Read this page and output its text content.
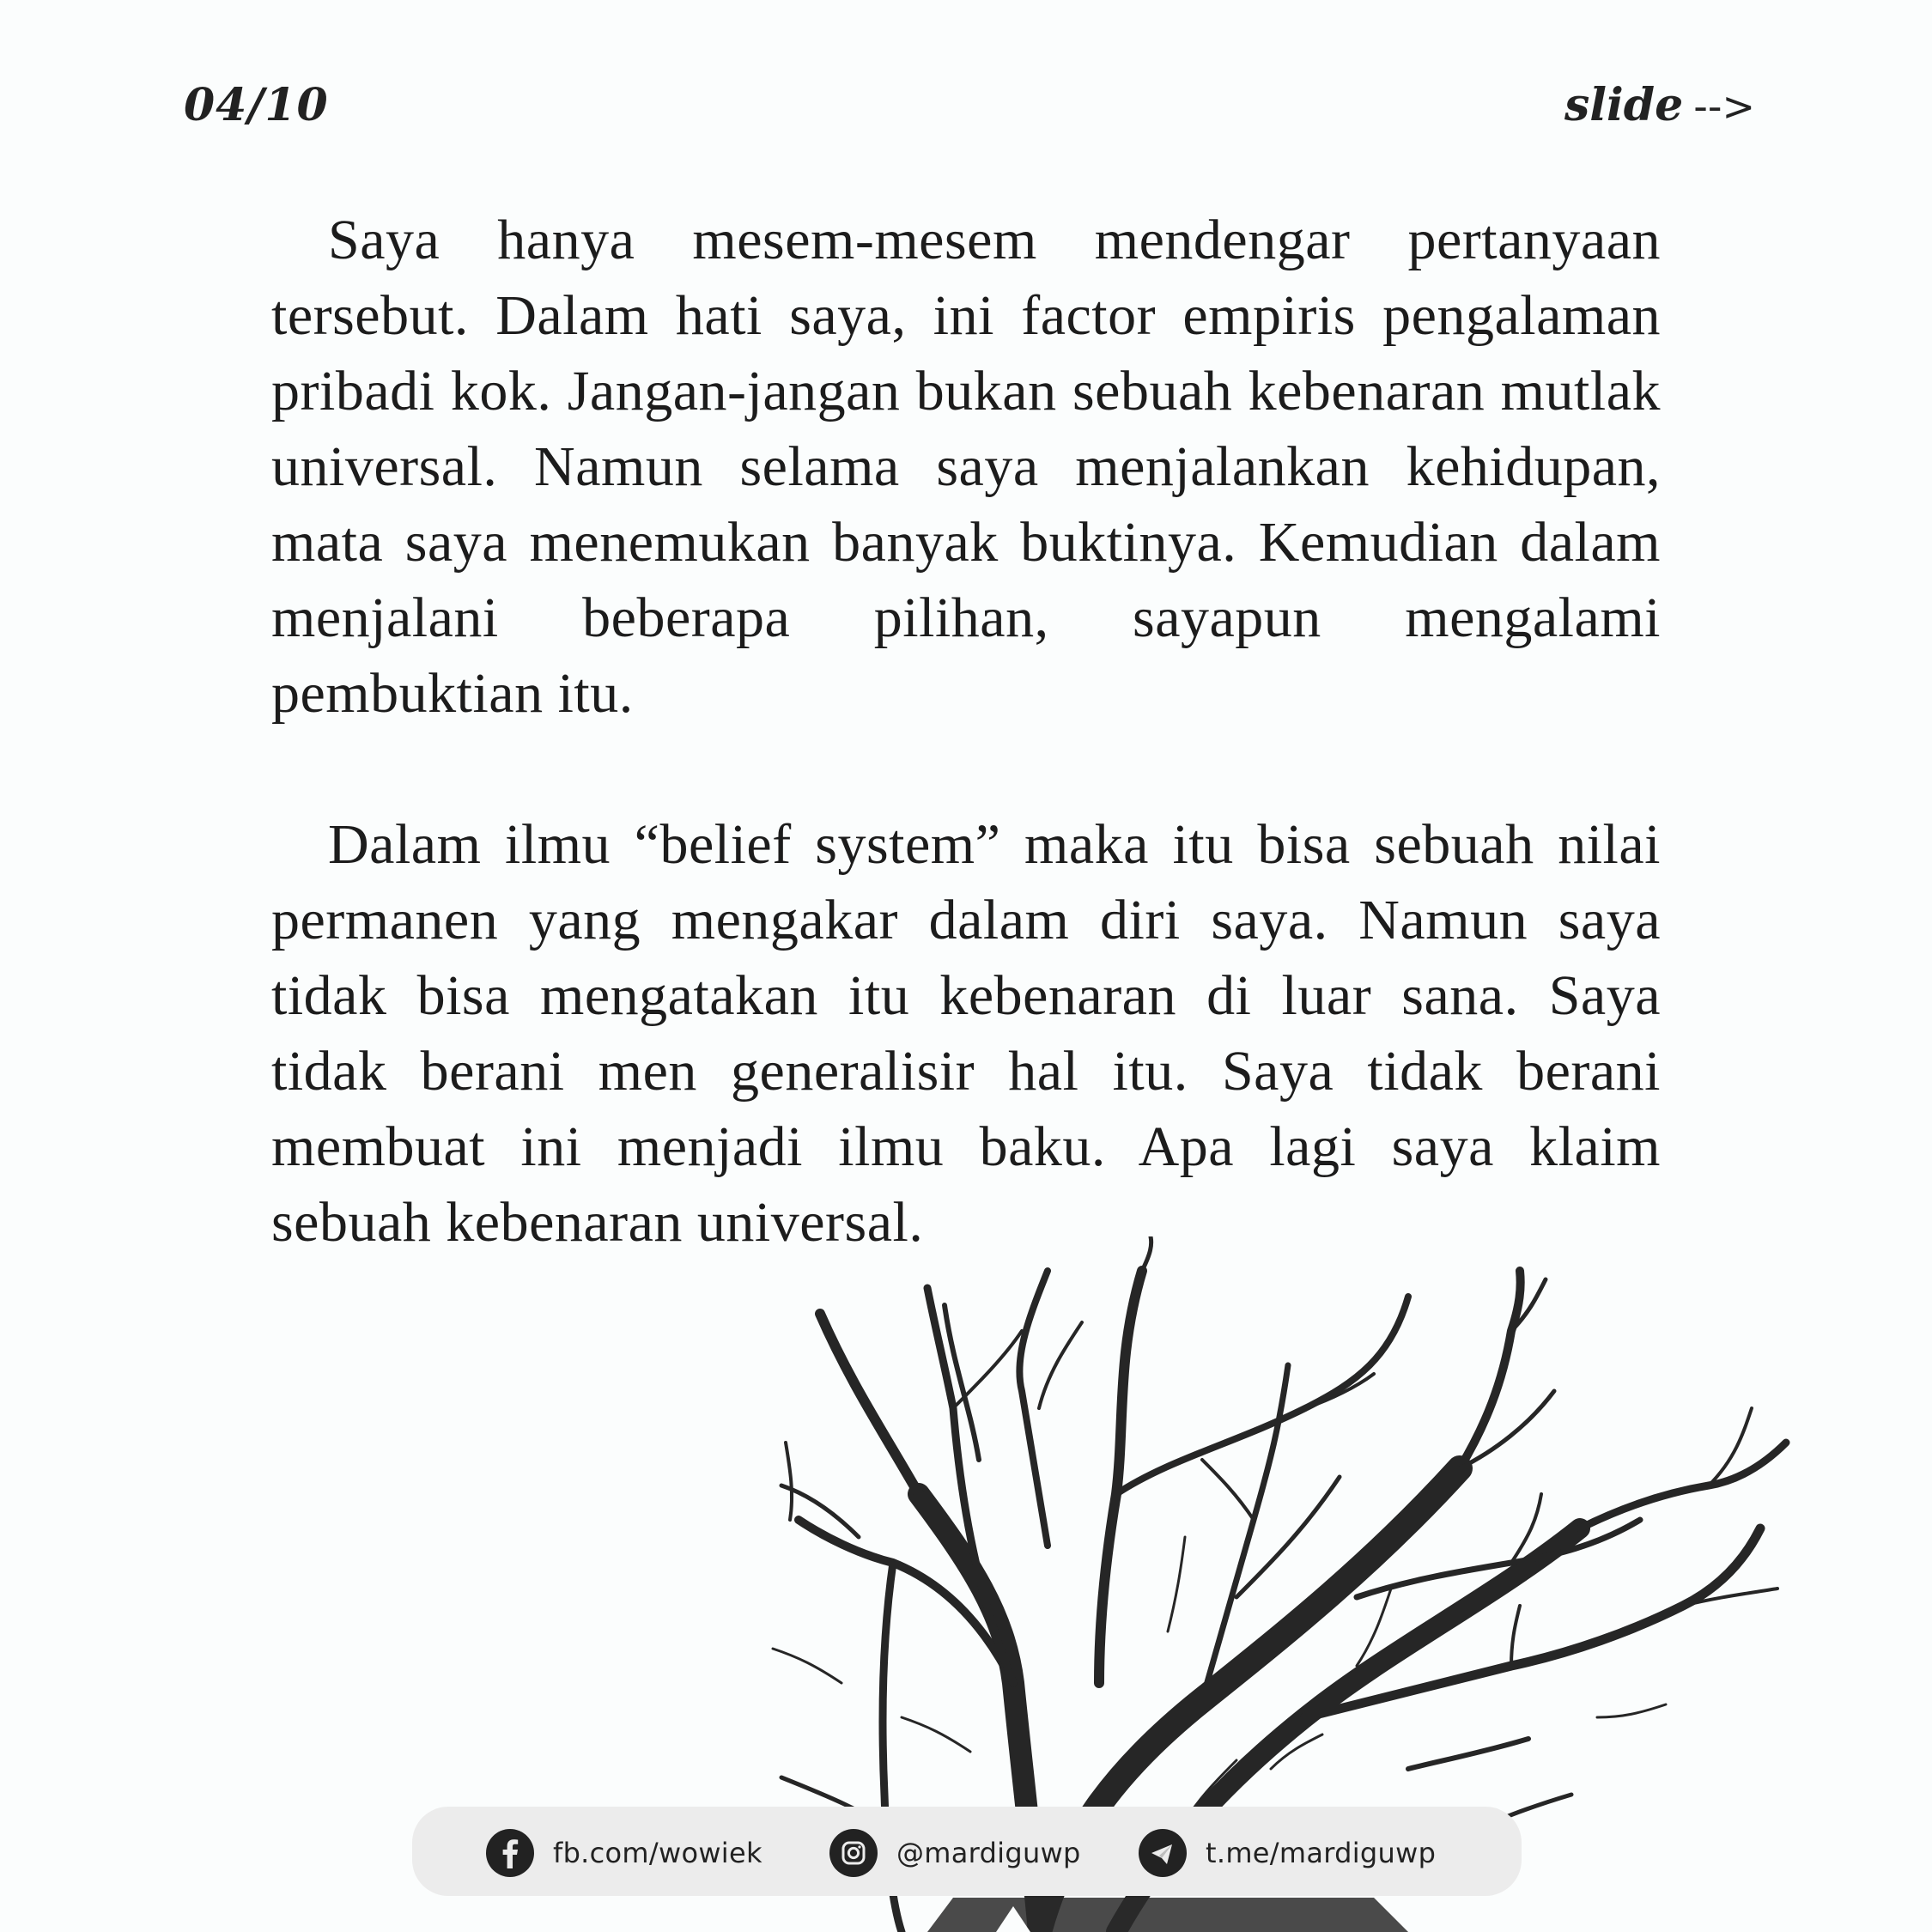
04/10	slide -->

Saya hanya mesem-mesem mendengar pertanyaan tersebut. Dalam hati saya, ini factor empiris pengalaman pribadi kok. Jangan-jangan bukan sebuah kebenaran mutlak universal. Namun selama saya menjalankan kehidupan, mata saya menemukan banyak buktinya. Kemudian dalam menjalani beberapa pilihan, sayapun mengalami pembuktian itu.

Dalam ilmu “belief system” maka itu bisa sebuah nilai permanen yang mengakar dalam diri saya. Namun saya tidak bisa mengatakan itu kebenaran di luar sana. Saya tidak berani men generalisir hal itu. Saya tidak berani membuat ini menjadi ilmu baku. Apa lagi saya klaim sebuah kebenaran universal.

fb.com/wowiek	@mardiguwp	t.me/mardiguwp
